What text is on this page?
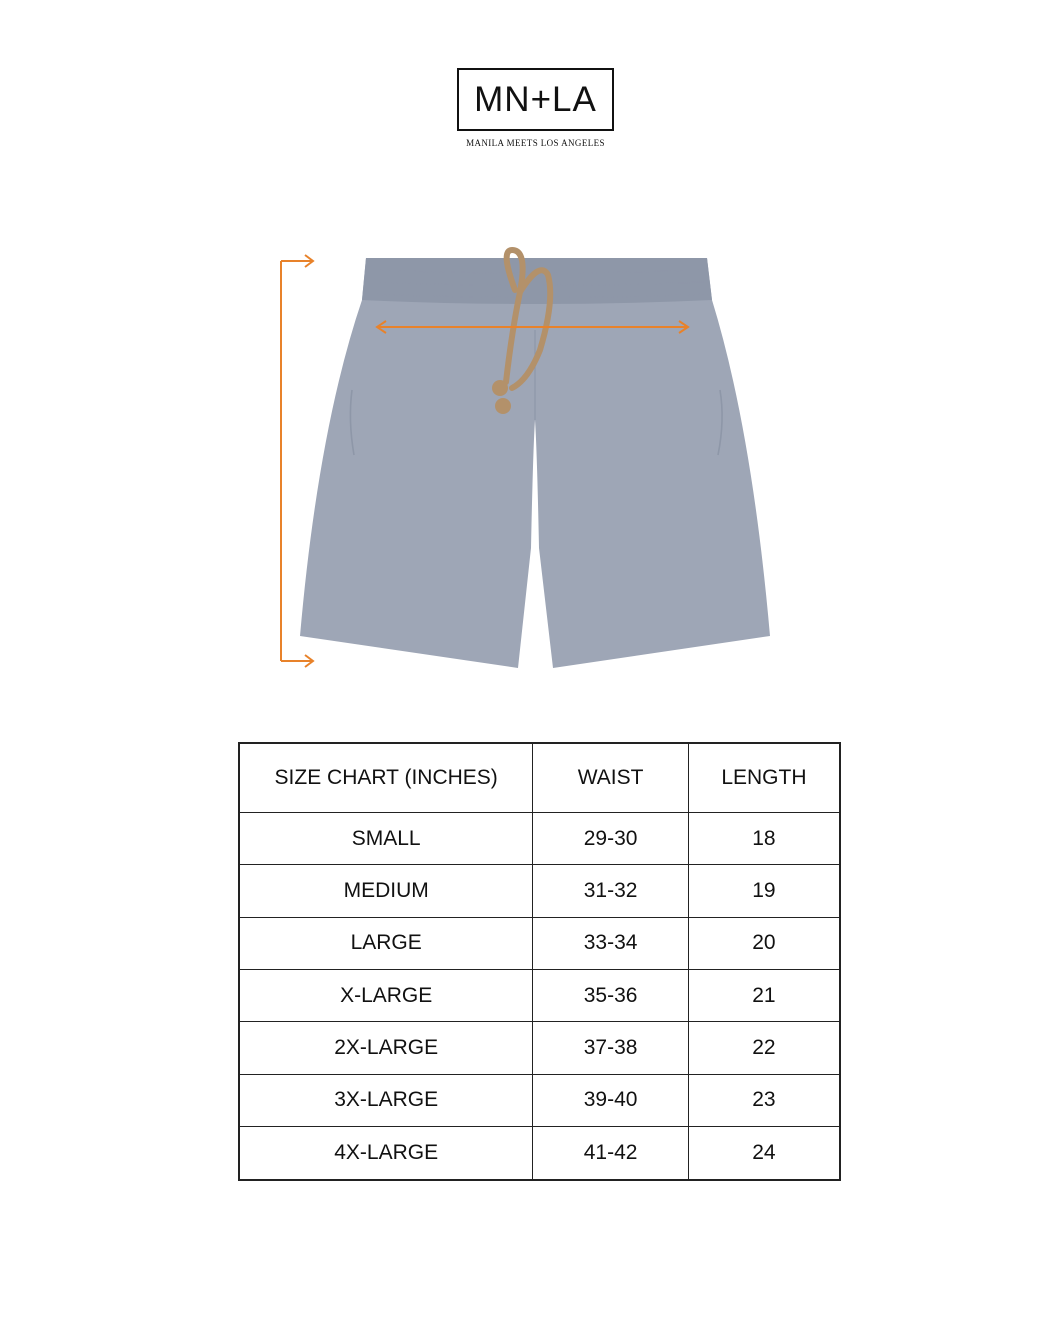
MN+LA
MANILA MEETS LOS ANGELES
SIZE CHART (INCHES)	WAIST	LENGTH
SMALL	29-30	18
MEDIUM	31-32	19
LARGE	33-34	20
X-LARGE	35-36	21
2X-LARGE	37-38	22
3X-LARGE	39-40	23
4X-LARGE	41-42	24
